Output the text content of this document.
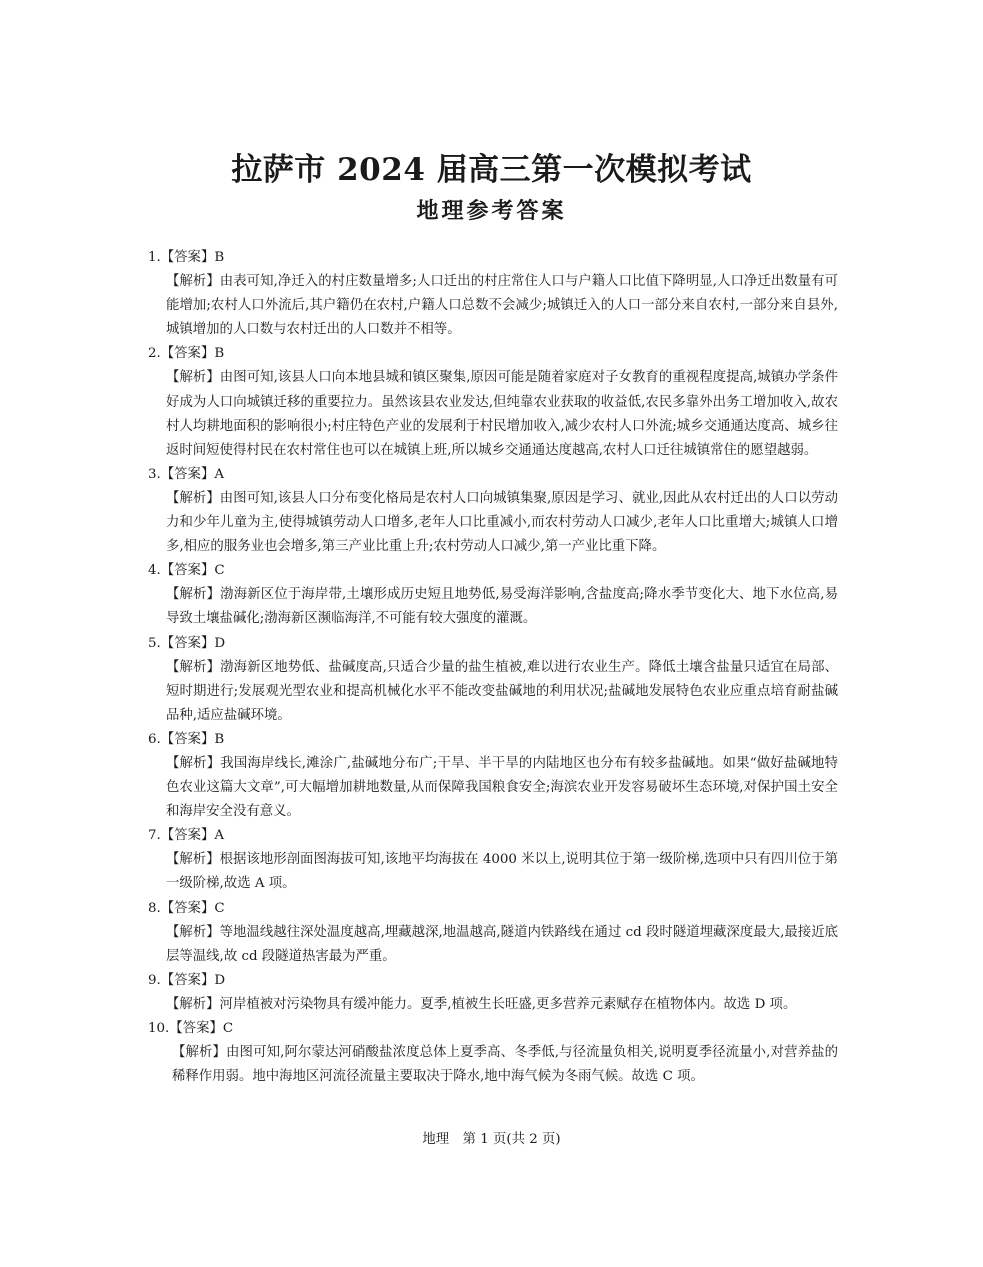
拉萨市 2024 届高三第一次模拟考试
地理参考答案

1.【答案】B

【解析】由表可知,净迁入的村庄数量增多;人口迁出的村庄常住人口与户籍人口比值下降明显,人口净迁出数量有可能增加;农村人口外流后,其户籍仍在农村,户籍人口总数不会减少;城镇迁入的人口一部分来自农村,一部分来自县外,城镇增加的人口数与农村迁出的人口数并不相等。

2.【答案】B

【解析】由图可知,该县人口向本地县城和镇区聚集,原因可能是随着家庭对子女教育的重视程度提高,城镇办学条件好成为人口向城镇迁移的重要拉力。虽然该县农业发达,但纯靠农业获取的收益低,农民多靠外出务工增加收入,故农村人均耕地面积的影响很小;村庄特色产业的发展利于村民增加收入,减少农村人口外流;城乡交通通达度高、城乡往返时间短使得村民在农村常住也可以在城镇上班,所以城乡交通通达度越高,农村人口迁往城镇常住的愿望越弱。

3.【答案】A

【解析】由图可知,该县人口分布变化格局是农村人口向城镇集聚,原因是学习、就业,因此从农村迁出的人口以劳动力和少年儿童为主,使得城镇劳动人口增多,老年人口比重减小,而农村劳动人口减少,老年人口比重增大;城镇人口增多,相应的服务业也会增多,第三产业比重上升;农村劳动人口减少,第一产业比重下降。

4.【答案】C

【解析】渤海新区位于海岸带,土壤形成历史短且地势低,易受海洋影响,含盐度高;降水季节变化大、地下水位高,易导致土壤盐碱化;渤海新区濒临海洋,不可能有较大强度的灌溉。

5.【答案】D

【解析】渤海新区地势低、盐碱度高,只适合少量的盐生植被,难以进行农业生产。降低土壤含盐量只适宜在局部、短时期进行;发展观光型农业和提高机械化水平不能改变盐碱地的利用状况;盐碱地发展特色农业应重点培育耐盐碱品种,适应盐碱环境。

6.【答案】B

【解析】我国海岸线长,滩涂广,盐碱地分布广;干旱、半干旱的内陆地区也分布有较多盐碱地。如果“做好盐碱地特色农业这篇大文章”,可大幅增加耕地数量,从而保障我国粮食安全;海滨农业开发容易破坏生态环境,对保护国土安全和海岸安全没有意义。

7.【答案】A

【解析】根据该地形剖面图海拔可知,该地平均海拔在 4000 米以上,说明其位于第一级阶梯,选项中只有四川位于第一级阶梯,故选 A 项。

8.【答案】C

【解析】等地温线越往深处温度越高,埋藏越深,地温越高,隧道内铁路线在通过 cd 段时隧道埋藏深度最大,最接近底层等温线,故 cd 段隧道热害最为严重。

9.【答案】D

【解析】河岸植被对污染物具有缓冲能力。夏季,植被生长旺盛,更多营养元素赋存在植物体内。故选 D 项。

10.【答案】C

【解析】由图可知,阿尔蒙达河硝酸盐浓度总体上夏季高、冬季低,与径流量负相关,说明夏季径流量小,对营养盐的稀释作用弱。地中海地区河流径流量主要取决于降水,地中海气候为冬雨气候。故选 C 项。

地理　第 1 页(共 2 页)
